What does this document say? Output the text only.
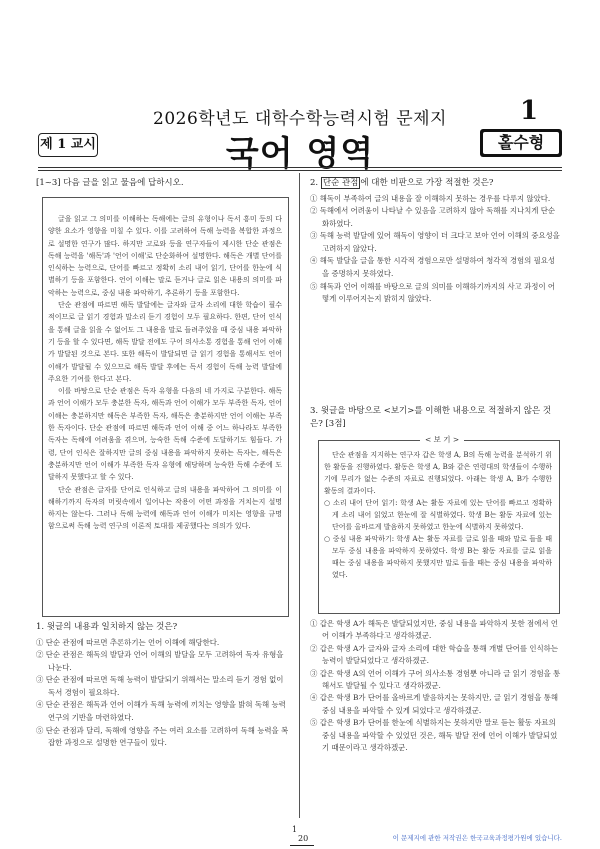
2026학년도 대학수학능력시험 문제지	1
제 1 교시	국어 영역	홀수형
[1~3] 다음 글을 읽고 물음에 답하시오.

글을 읽고 그 의미를 이해하는 독해에는 글의 유형이나 독서 흥미 등의 다양한 요소가 영향을 미칠 수 있다. 이를 고려하여 독해 능력을 복합한 과정으로 설명한 연구가 많다. 하지만 고로와 등을 연구자들이 제시한 단순 관점은 독해 능력을 '해독'과 '언어 이해'로 단순화하여 설명한다. 해독은 개별 단어를 인식하는 능력으로, 단어를 빠르고 정확히 소리 내어 읽기, 단어를 한눈에 식별하기 등을 포함한다. 언어 이해는 말로 듣거나 글로 읽은 내용의 의미를 파악하는 능력으로, 중심 내용 파악하기, 추론하기 등을 포함한다.

단순 관점에 따르면 해독 발달에는 글자와 글자 소리에 대한 학습이 필수적이므로 글 읽기 경험과 말소리 듣기 경험이 모두 필요하다. 한편, 단어 인식을 통해 글을 읽을 수 없어도 그 내용을 말로 들려주었을 때 중심 내용 파악하기 등을 할 수 있다면, 해독 발달 전에도 구어 의사소통 경험을 통해 언어 이해가 발달된 것으로 본다. 또한 해독이 발달되면 글 읽기 경험을 통해서도 언어 이해가 발달될 수 있으므로 해독 발달 후에는 독서 경험이 독해 능력 발달에 주요한 기여를 한다고 본다.

이를 바탕으로 단순 관점은 독자 유형을 다음의 네 가지로 구분한다. 해독과 언어 이해가 모두 충분한 독자, 해독과 언어 이해가 모두 부족한 독자, 언어 이해는 충분하지만 해독은 부족한 독자, 해독은 충분하지만 언어 이해는 부족한 독자이다. 단순 관점에 따르면 해독과 언어 이해 중 어느 하나라도 부족한 독자는 독해에 어려움을 겪으며, 능숙한 독해 수준에 도달하기도 힘들다. 가령, 단어 인식은 잘하지만 글의 중심 내용을 파악하지 못하는 독자는, 해독은 충분하지만 언어 이해가 부족한 독자 유형에 해당하며 능숙한 독해 수준에 도달하지 못했다고 할 수 있다.

단순 관점은 글자를 단어로 인식하고 글의 내용을 파악하여 그 의미를 이해하기까지 독자의 머릿속에서 일어나는 작용이 어떤 과정을 거치는지 설명하지는 않는다. 그러나 독해 능력에 해독과 언어 이해가 미치는 영향을 규명함으로써 독해 능력 연구의 이론적 토대를 제공했다는 의의가 있다.

1. 윗글의 내용과 일치하지 않는 것은?
① 단순 관점에 따르면 추론하기는 언어 이해에 해당한다.
② 단순 관점은 해독의 발달과 언어 이해의 발달을 모두 고려하여 독자 유형을 나눈다.
③ 단순 관점에 따르면 독해 능력이 발달되기 위해서는 말소리 듣기 경험 없이 독서 경험이 필요하다.
④ 단순 관점은 해독과 언어 이해가 독해 능력에 끼치는 영향을 밝혀 독해 능력 연구의 기반을 마련하였다.
⑤ 단순 관점과 달리, 독해에 영향을 주는 여러 요소를 고려하여 독해 능력을 복잡한 과정으로 설명한 연구들이 있다.
2. 단순 관점 에 대한 비판으로 가장 적절한 것은?
① 해독이 부족하여 글의 내용을 잘 이해하지 못하는 경우를 다루지 않았다.
② 독해에서 어려움이 나타날 수 있음을 고려하지 않아 독해를 지나치게 단순화하였다.
③ 독해 능력 발달에 있어 해독이 영향이 더 크다고 보아 언어 이해의 중요성을 고려하지 않았다.
④ 해독 발달을 글을 통한 시각적 경험으로만 설명하여 청각적 경험의 필요성을 증명하지 못하였다.
⑤ 해독과 언어 이해를 바탕으로 글의 의미를 이해하기까지의 사고 과정이 어떻게 이루어지는지 밝히지 않았다.
3. 윗글을 바탕으로 <보기>를 이해한 내용으로 적절하지 않은 것은? [3점]
< 보 기 >

단순 관점을 지지하는 연구자 갑은 학생 A, B의 독해 능력을 분석하기 위한 활동을 진행하였다. 활동은 학생 A, B와 같은 연령대의 학생들이 수행하기에 무리가 없는 수준의 자료로 진행되었다. 아래는 학생 A, B가 수행한 활동의 결과이다.

○ 소리 내어 단어 읽기: 학생 A는 활동 자료에 있는 단어를 빠르고 정확하게 소리 내어 읽었고 한눈에 잘 식별하였다. 학생 B는 활동 자료에 있는 단어를 올바르게 발음하지 못하였고 한눈에 식별하지 못하였다.

○ 중심 내용 파악하기: 학생 A는 활동 자료를 글로 읽을 때와 말로 들을 때 모두 중심 내용을 파악하지 못하였다. 학생 B는 활동 자료를 글로 읽을 때는 중심 내용을 파악하지 못했지만 말로 들을 때는 중심 내용을 파악하였다.

① 갑은 학생 A가 해독은 발달되었지만, 중심 내용을 파악하지 못한 점에서 언어 이해가 부족하다고 생각하겠군.
② 갑은 학생 A가 글자와 글자 소리에 대한 학습을 통해 개별 단어를 인식하는 능력이 발달되었다고 생각하겠군.
③ 갑은 학생 A의 언어 이해가 구어 의사소통 경험뿐 아니라 글 읽기 경험을 통해서도 발달될 수 있다고 생각하겠군.
④ 갑은 학생 B가 단어를 올바르게 발음하지는 못하지만, 글 읽기 경험을 통해 중심 내용을 파악할 수 있게 되었다고 생각하겠군.
⑤ 갑은 학생 B가 단어를 한눈에 식별하지는 못하지만 말로 듣는 활동 자료의 중심 내용을 파악할 수 있었던 것은, 해독 발달 전에 언어 이해가 발달되었기 때문이라고 생각하겠군.
1
20	이 문제지에 관한 저작권은 한국교육과정평가원에 있습니다.
